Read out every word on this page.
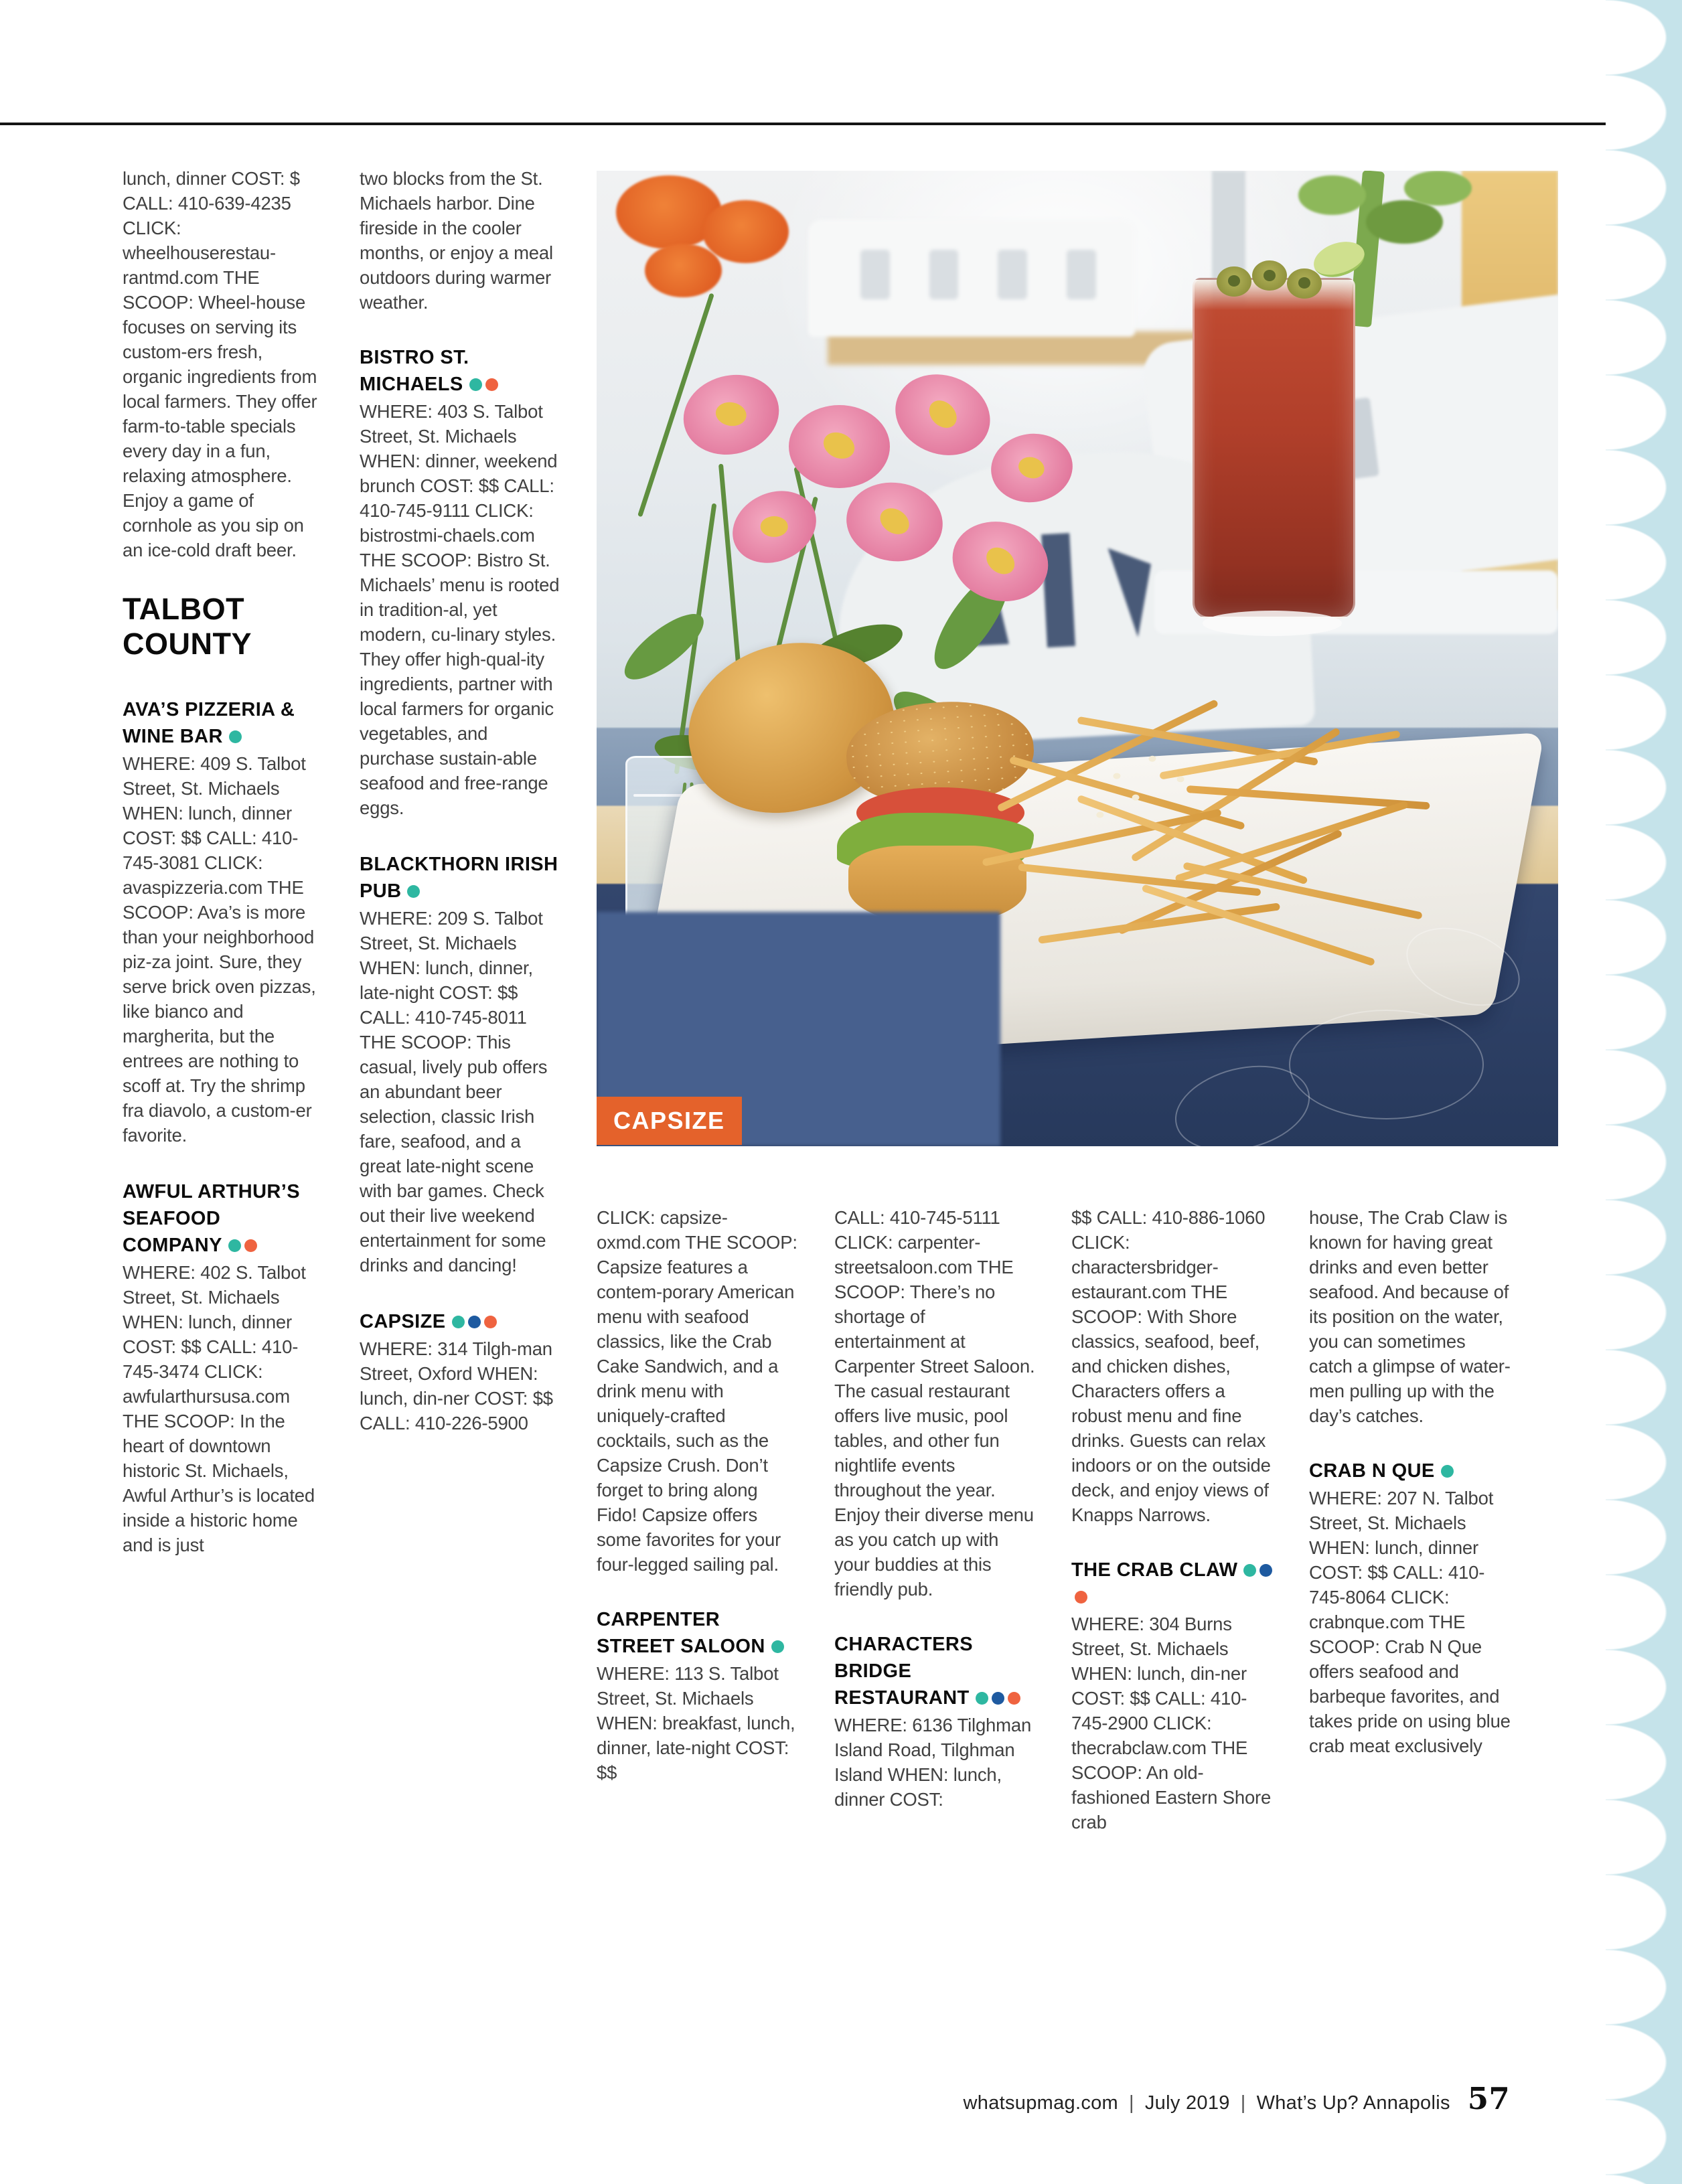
CAPSIZE
lunch, dinner COST: $ CALL: 410-639-4235 CLICK: wheelhouserestau-rantmd.com THE SCOOP: Wheel-house focuses on serving its custom-ers fresh, organic ingredients from local farmers. They offer farm-to-table specials every day in a fun, relaxing atmosphere. Enjoy a game of cornhole as you sip on an ice-cold draft beer.
TALBOT COUNTY
AVA’S PIZZERIA & WINE BAR
WHERE: 409 S. Talbot Street, St. Michaels WHEN: lunch, dinner COST: $$ CALL: 410-745-3081 CLICK: avaspizzeria.com THE SCOOP: Ava’s is more than your neighborhood piz-za joint. Sure, they serve brick oven pizzas, like bianco and margherita, but the entrees are nothing to scoff at. Try the shrimp fra diavolo, a custom-er favorite.
AWFUL ARTHUR’S SEAFOOD COMPANY
WHERE: 402 S. Talbot Street, St. Michaels WHEN: lunch, dinner COST: $$ CALL: 410-745-3474 CLICK: awfularthursusa.com THE SCOOP: In the heart of downtown historic St. Michaels, Awful Arthur’s is located inside a historic home and is just
two blocks from the St. Michaels harbor. Dine fireside in the cooler months, or enjoy a meal outdoors during warmer weather.
BISTRO ST. MICHAELS
WHERE: 403 S. Talbot Street, St. Michaels WHEN: dinner, weekend brunch COST: $$ CALL: 410-745-9111 CLICK: bistrostmi-chaels.com THE SCOOP: Bistro St. Michaels’ menu is rooted in tradition-al, yet modern, cu-linary styles. They offer high-qual-ity ingredients, partner with local farmers for organic vegetables, and purchase sustain-able seafood and free-range eggs.
BLACKTHORN IRISH PUB
WHERE: 209 S. Talbot Street, St. Michaels WHEN: lunch, dinner, late-night COST: $$ CALL: 410-745-8011 THE SCOOP: This casual, lively pub offers an abundant beer selection, classic Irish fare, seafood, and a great late-night scene with bar games. Check out their live weekend entertainment for some drinks and dancing!
CAPSIZE
WHERE: 314 Tilgh-man Street, Oxford WHEN: lunch, din-ner COST: $$ CALL: 410-226-5900
CLICK: capsize-oxmd.com THE SCOOP: Capsize features a contem-porary American menu with seafood classics, like the Crab Cake Sandwich, and a drink menu with uniquely-crafted cocktails, such as the Capsize Crush. Don’t forget to bring along Fido! Capsize offers some favorites for your four-legged sailing pal.
CARPENTER STREET SALOON
WHERE: 113 S. Talbot Street, St. Michaels WHEN: breakfast, lunch, dinner, late-night COST: $$
CALL: 410-745-5111 CLICK: carpenter-streetsaloon.com THE SCOOP: There’s no shortage of entertainment at Carpenter Street Saloon. The casual restaurant offers live music, pool tables, and other fun nightlife events throughout the year. Enjoy their diverse menu as you catch up with your buddies at this friendly pub.
CHARACTERS BRIDGE RESTAURANT
WHERE: 6136 Tilghman Island Road, Tilghman Island WHEN: lunch, dinner COST:
$$ CALL: 410-886-1060 CLICK: charactersbridger-estaurant.com THE SCOOP: With Shore classics, seafood, beef, and chicken dishes, Characters offers a robust menu and fine drinks. Guests can relax indoors or on the outside deck, and enjoy views of Knapps Narrows.
THE CRAB CLAW
WHERE: 304 Burns Street, St. Michaels WHEN: lunch, din-ner COST: $$ CALL: 410-745-2900 CLICK: thecrabclaw.com THE SCOOP: An old-fashioned Eastern Shore crab
house, The Crab Claw is known for having great drinks and even better seafood. And because of its position on the water, you can sometimes catch a glimpse of water-men pulling up with the day’s catches.
CRAB N QUE
WHERE: 207 N. Talbot Street, St. Michaels WHEN: lunch, dinner COST: $$ CALL: 410-745-8064 CLICK: crabnque.com THE SCOOP: Crab N Que offers seafood and barbeque favorites, and takes pride on using blue crab meat exclusively
whatsupmag.com | July 2019 | What’s Up? Annapolis 57
